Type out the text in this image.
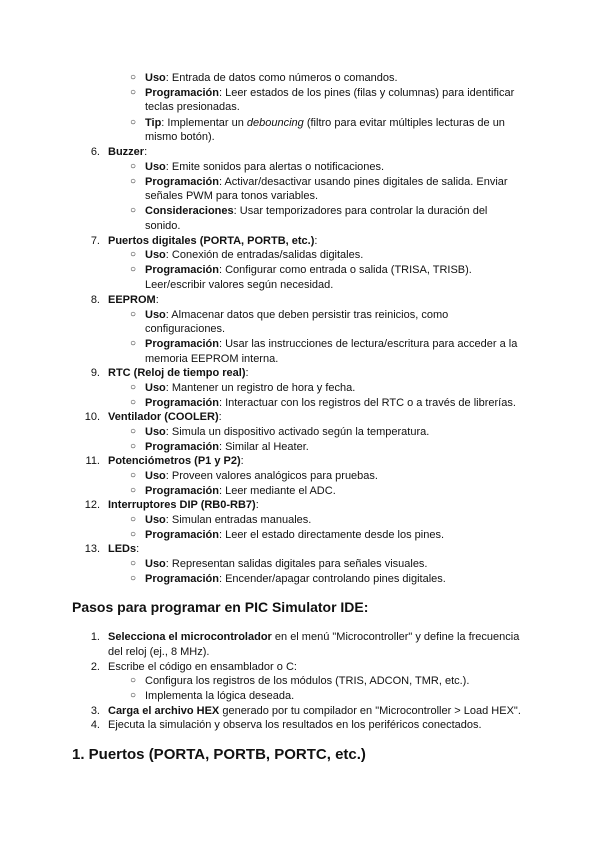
○ Uso: Entrada de datos como números o comandos.
○ Programación: Leer estados de los pines (filas y columnas) para identificar
teclas presionadas.
○ Tip: Implementar un debouncing (filtro para evitar múltiples lecturas de un
mismo botón).
6. Buzzer:
○ Uso: Emite sonidos para alertas o notificaciones.
○ Programación: Activar/desactivar usando pines digitales de salida. Enviar
señales PWM para tonos variables.
○ Consideraciones: Usar temporizadores para controlar la duración del
sonido.
7. Puertos digitales (PORTA, PORTB, etc.):
○ Uso: Conexión de entradas/salidas digitales.
○ Programación: Configurar como entrada o salida (TRISA, TRISB).
Leer/escribir valores según necesidad.
8. EEPROM:
○ Uso: Almacenar datos que deben persistir tras reinicios, como
configuraciones.
○ Programación: Usar las instrucciones de lectura/escritura para acceder a la
memoria EEPROM interna.
9. RTC (Reloj de tiempo real):
○ Uso: Mantener un registro de hora y fecha.
○ Programación: Interactuar con los registros del RTC o a través de librerías.
10. Ventilador (COOLER):
○ Uso: Simula un dispositivo activado según la temperatura.
○ Programación: Similar al Heater.
11. Potenciómetros (P1 y P2):
○ Uso: Proveen valores analógicos para pruebas.
○ Programación: Leer mediante el ADC.
12. Interruptores DIP (RB0-RB7):
○ Uso: Simulan entradas manuales.
○ Programación: Leer el estado directamente desde los pines.
13. LEDs:
○ Uso: Representan salidas digitales para señales visuales.
○ Programación: Encender/apagar controlando pines digitales.
Pasos para programar en PIC Simulator IDE:
1. Selecciona el microcontrolador en el menú "Microcontroller" y define la frecuencia
del reloj (ej., 8 MHz).
2. Escribe el código en ensamblador o C:
○ Configura los registros de los módulos (TRIS, ADCON, TMR, etc.).
○ Implementa la lógica deseada.
3. Carga el archivo HEX generado por tu compilador en "Microcontroller > Load HEX".
4. Ejecuta la simulación y observa los resultados en los periféricos conectados.
1. Puertos (PORTA, PORTB, PORTC, etc.)
